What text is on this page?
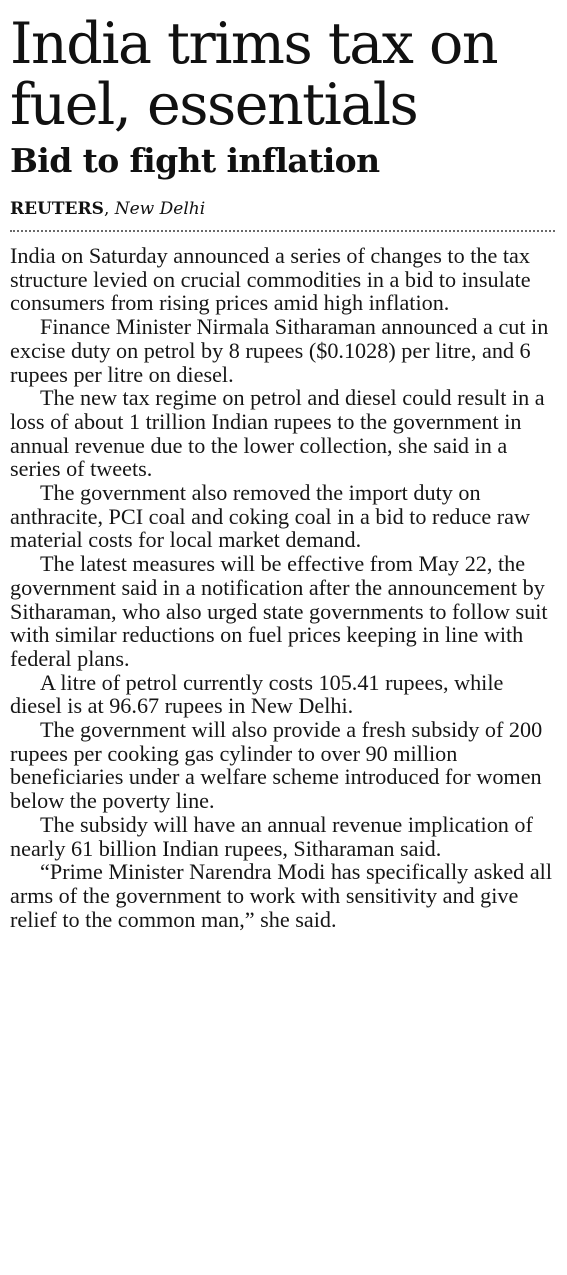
India trims tax on fuel, essentials
Bid to fight inflation
REUTERS, New Delhi

India on Saturday announced a series of changes to the tax structure levied on crucial commodities in a bid to insulate consumers from rising prices amid high inflation.

Finance Minister Nirmala Sitharaman announced a cut in excise duty on petrol by 8 rupees ($0.1028) per litre, and 6 rupees per litre on diesel.

The new tax regime on petrol and diesel could result in a loss of about 1 trillion Indian rupees to the government in annual revenue due to the lower collection, she said in a series of tweets.

The government also removed the import duty on anthracite, PCI coal and coking coal in a bid to reduce raw material costs for local market demand.

The latest measures will be effective from May 22, the government said in a notification after the announcement by Sitharaman, who also urged state governments to follow suit with similar reductions on fuel prices keeping in line with federal plans.

A litre of petrol currently costs 105.41 rupees, while diesel is at 96.67 rupees in New Delhi.

The government will also provide a fresh subsidy of 200 rupees per cooking gas cylinder to over 90 million beneficiaries under a welfare scheme introduced for women below the poverty line.

The subsidy will have an annual revenue implication of nearly 61 billion Indian rupees, Sitharaman said.

“Prime Minister Narendra Modi has specifically asked all arms of the government to work with sensitivity and give relief to the common man,” she said.
